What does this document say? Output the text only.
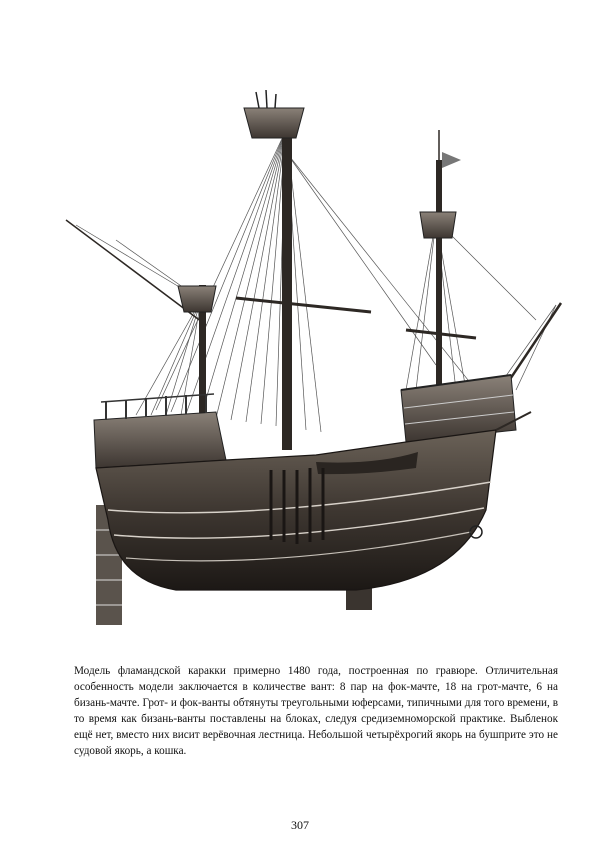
Модель фламандской каракки примерно 1480 года, построенная по гравюре. Отличительная особенность модели заключается в количестве вант: 8 пар на фок-мачте, 18 на грот-мачте, 6 на бизань-мачте. Грот- и фок-ванты обтянуты треугольными юферсами, типичными для того времени, в то время как бизань-ванты поставлены на блоках, следуя средиземноморской практике. Выбленок ещё нет, вместо них висит верёвочная лестница. Небольшой четырёхрогий якорь на бушприте это не судовой якорь, а кошка.

307
